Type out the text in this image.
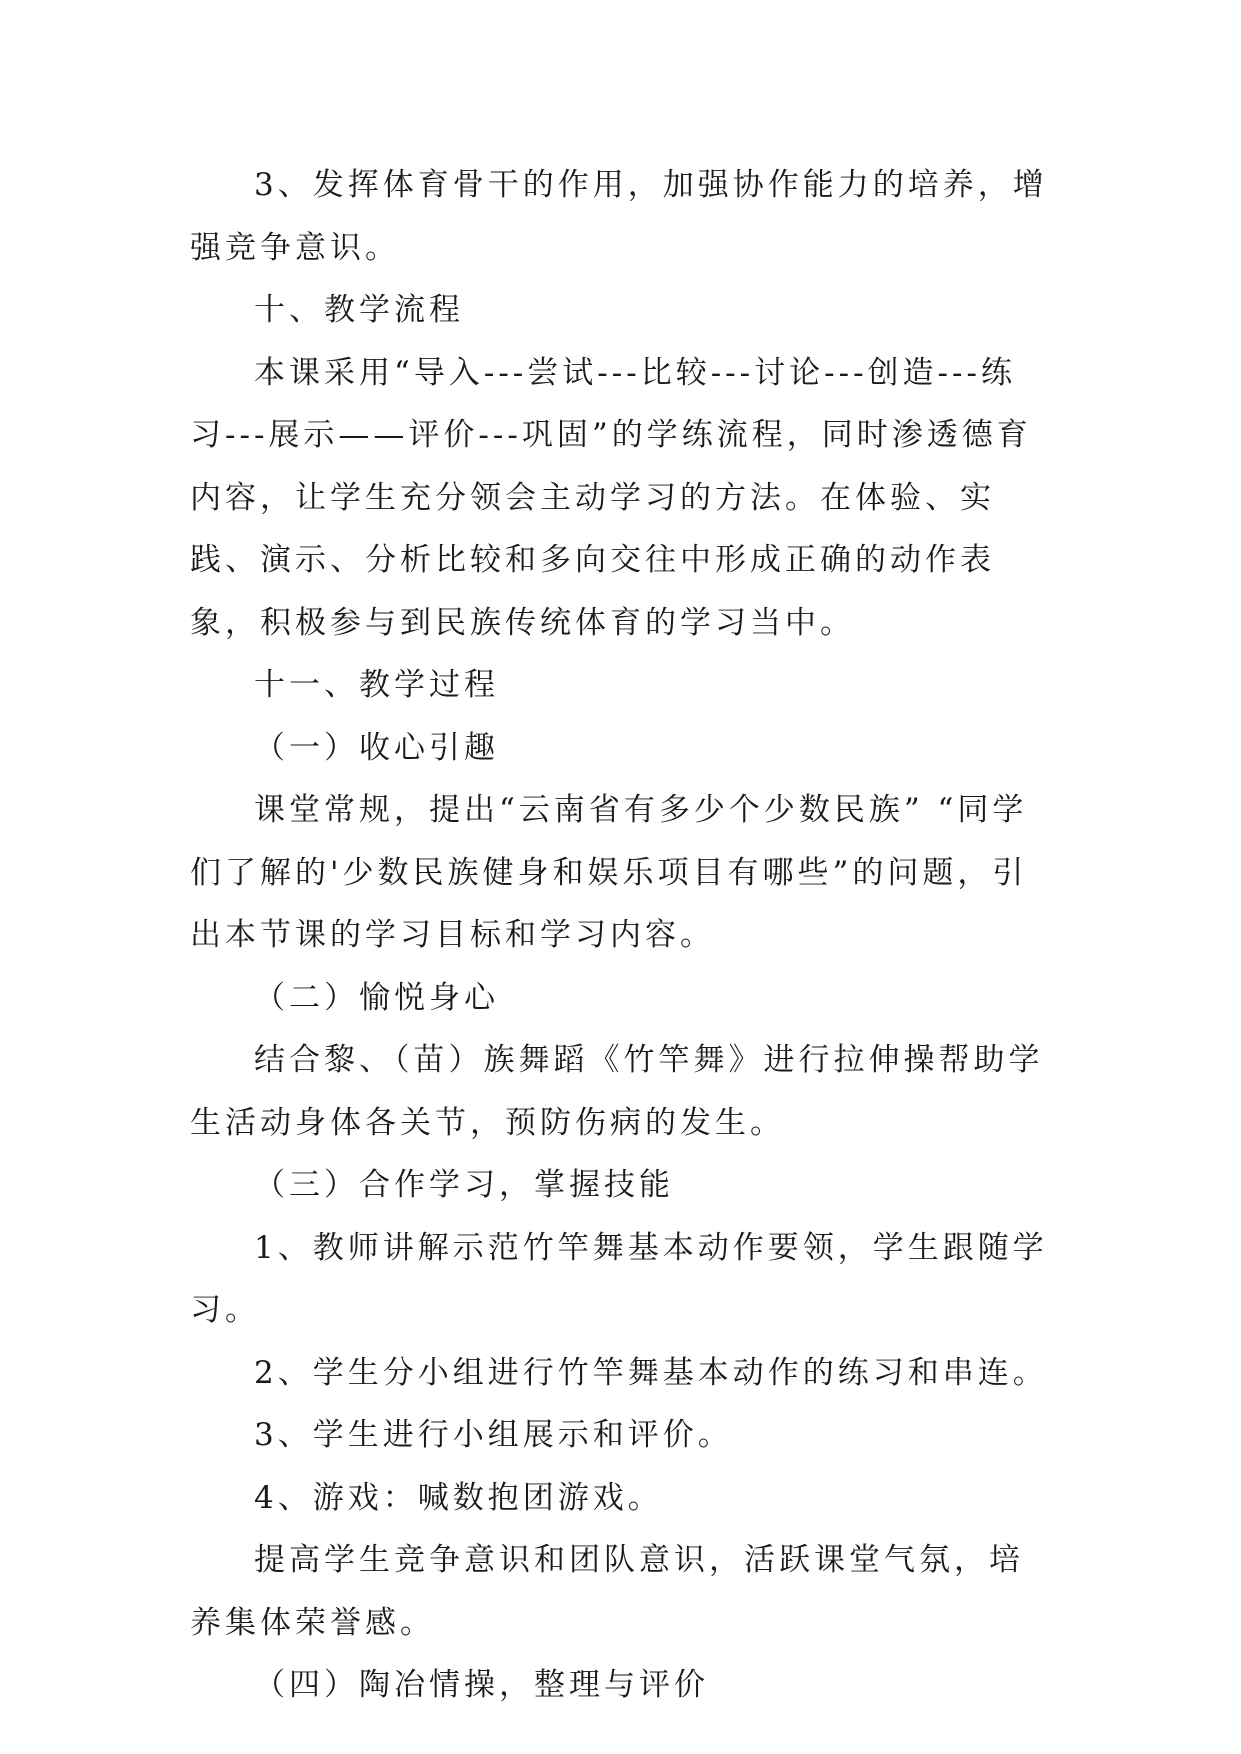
3、发挥体育骨干的作用，加强协作能力的培养，增强竞争意识。

十、教学流程

本课采用“导入---尝试---比较---讨论---创造---练习---展示——评价---巩固”的学练流程，同时渗透德育内容，让学生充分领会主动学习的方法。在体验、实践、演示、分析比较和多向交往中形成正确的动作表象，积极参与到民族传统体育的学习当中。

十一、教学过程

（一）收心引趣

课堂常规，提出“云南省有多少个少数民族” “同学们了解的'少数民族健身和娱乐项目有哪些”的问题，引出本节课的学习目标和学习内容。

（二）愉悦身心

结合黎、（苗）族舞蹈《竹竿舞》进行拉伸操帮助学生活动身体各关节，预防伤病的发生。

（三）合作学习，掌握技能

1、教师讲解示范竹竿舞基本动作要领，学生跟随学习。

2、学生分小组进行竹竿舞基本动作的练习和串连。

3、学生进行小组展示和评价。

4、游戏：喊数抱团游戏。

提高学生竞争意识和团队意识，活跃课堂气氛，培养集体荣誉感。

（四）陶冶情操，整理与评价
